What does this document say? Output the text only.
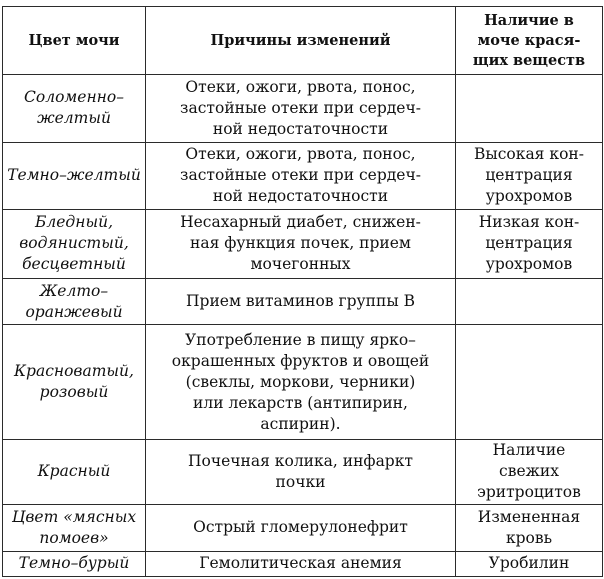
Цвет мочи	Причины изменений	Наличие в
моче крася-
щих веществ

Соломенно–
желтый	Отеки, ожоги, рвота, понос,
застойные отеки при сердеч-
ной недостаточности	

Темно–желтый	Отеки, ожоги, рвота, понос,
застойные отеки при сердеч-
ной недостаточности	Высокая кон-
центрация
урохромов

Бледный,
водянистый,
бесцветный	Несахарный диабет, снижен-
ная функция почек, прием
мочегонных	Низкая кон-
центрация
урохромов

Желто–
оранжевый	Прием витаминов группы В	

Красноватый,
розовый	Употребление в пищу ярко–
окрашенных фруктов и овощей
(свеклы, моркови, черники)
или лекарств (антипирин,
аспирин).	

Красный	Почечная колика, инфаркт
почки	Наличие
свежих
эритроцитов

Цвет «мясных
помоев»	Острый гломерулонефрит	Измененная
кровь

Темно–бурый	Гемолитическая анемия	Уробилин
